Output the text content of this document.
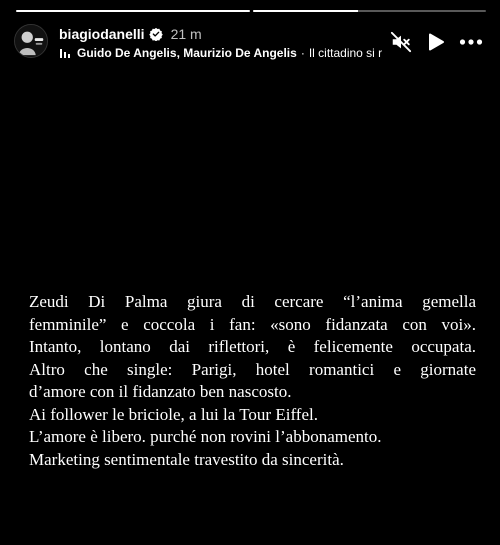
biagiodanelli 21 m
Guido De Angelis, Maurizio De Angelis · Il cittadino si r
Zeudi Di Palma giura di cercare “l’anima gemella
femminile” e coccola i fan: «sono fidanzata con voi».
Intanto, lontano dai riflettori, è felicemente occupata.
Altro che single: Parigi, hotel romantici e giornate
d’amore con il fidanzato ben nascosto.
Ai follower le briciole, a lui la Tour Eiffel.
L’amore è libero. purché non rovini l’abbonamento.
Marketing sentimentale travestito da sincerità.
